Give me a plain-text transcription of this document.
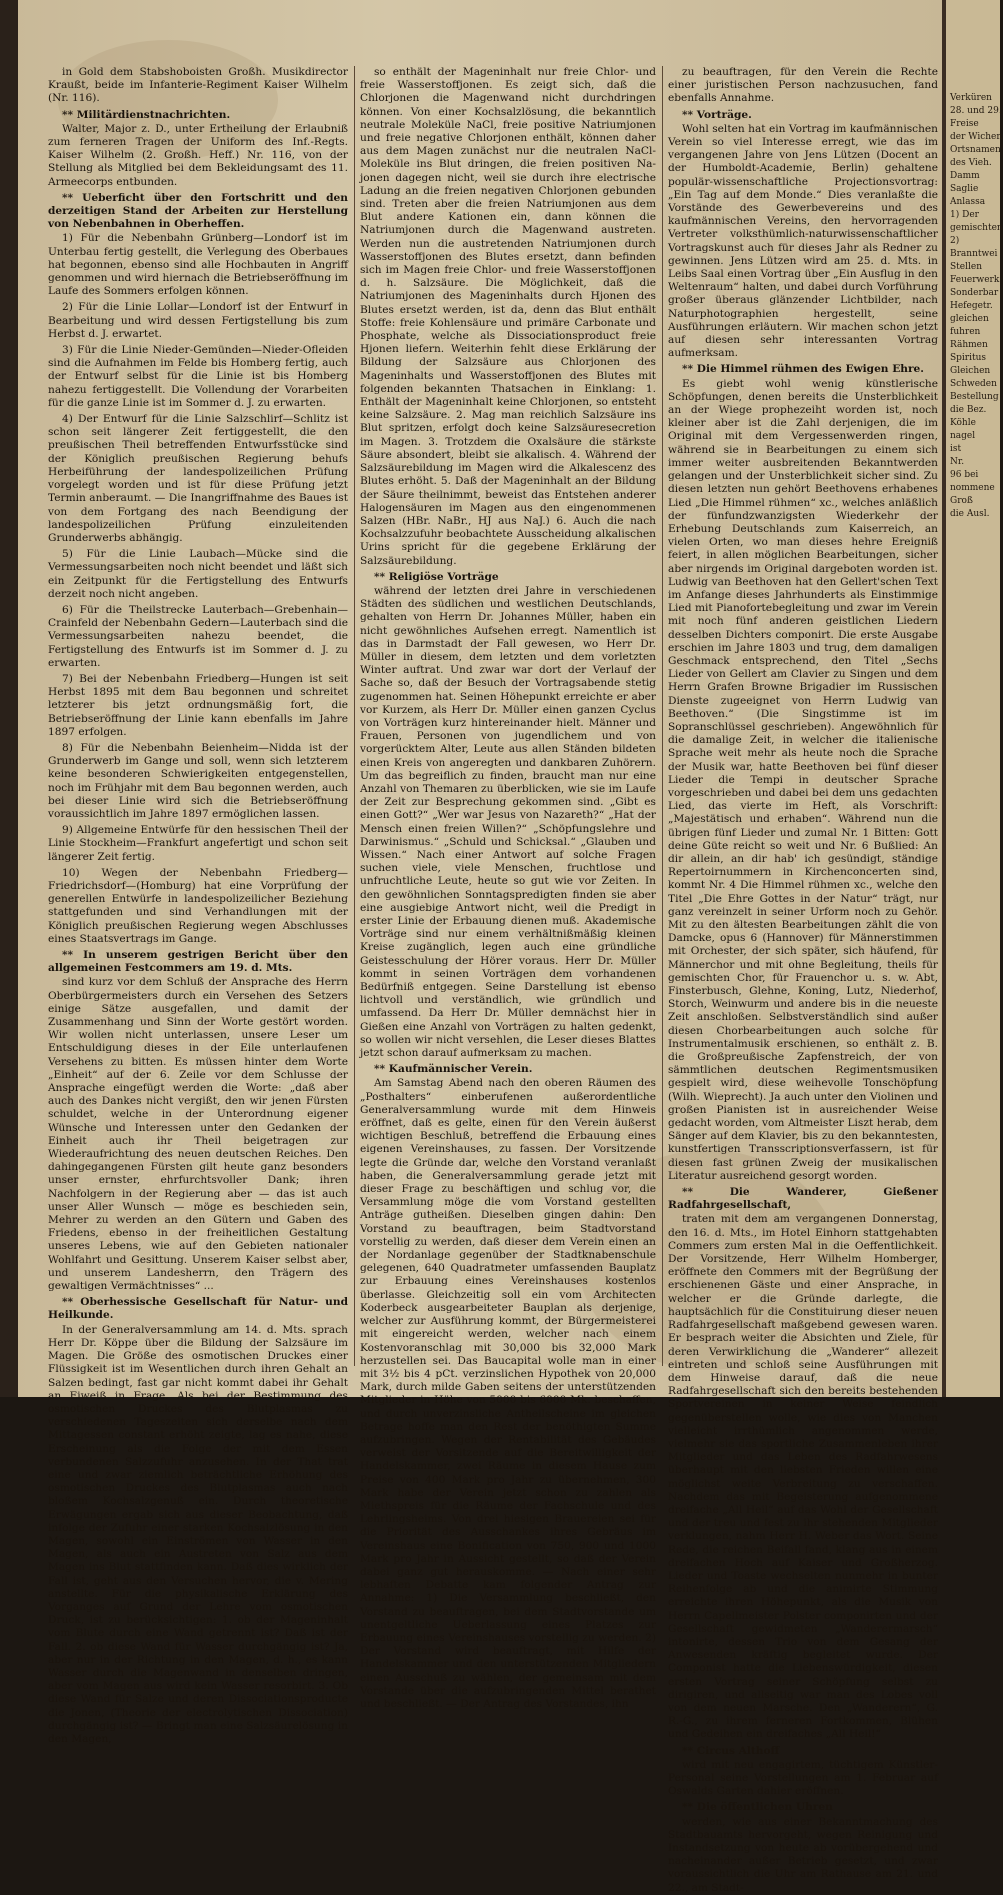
in Gold dem Stabshoboisten Großh. Musikdirector Kraußt, beide im Infanterie-Regiment Kaiser Wilhelm (Nr. 116).

** Militärdienstnachrichten.

Walter, Major z. D., unter Ertheilung der Erlaubniß zum ferneren Tragen der Uniform des Inf.-Regts. Kaiser Wilhelm (2. Großh. Heff.) Nr. 116, von der Stellung als Mitglied bei dem Bekleidungsamt des 11. Armeecorps entbunden.

** Ueberficht über den Fortschritt und den derzeitigen Stand der Arbeiten zur Herstellung von Nebenbahnen in Oberheffen.

1) Für die Nebenbahn Grünberg—Londorf ist im Unterbau fertig gestellt, die Verlegung des Oberbaues hat begonnen, ebenso sind alle Hochbauten in Angriff genommen und wird hiernach die Betriebseröffnung im Laufe des Sommers erfolgen können.

2) Für die Linie Lollar—Londorf ist der Entwurf in Bearbeitung und wird dessen Fertigstellung bis zum Herbst d. J. erwartet.

3) Für die Linie Nieder-Gemünden—Nieder-Ofleiden sind die Aufnahmen im Felde bis Homberg fertig, auch der Entwurf selbst für die Linie ist bis Homberg nahezu fertiggestellt. Die Vollendung der Vorarbeiten für die ganze Linie ist im Sommer d. J. zu erwarten.

4) Der Entwurf für die Linie Salzschlirf—Schlitz ist schon seit längerer Zeit fertiggestellt, die den preußischen Theil betreffenden Entwurfsstücke sind der Königlich preußischen Regierung behufs Herbeiführung der landespolizeilichen Prüfung vorgelegt worden und ist für diese Prüfung jetzt Termin anberaumt. — Die Inangriffnahme des Baues ist von dem Fortgang des nach Beendigung der landespolizeilichen Prüfung einzuleitenden Grunderwerbs abhängig.

5) Für die Linie Laubach—Mücke sind die Vermessungsarbeiten noch nicht beendet und läßt sich ein Zeitpunkt für die Fertigstellung des Entwurfs derzeit noch nicht angeben.

6) Für die Theilstrecke Lauterbach—Grebenhain—Crainfeld der Nebenbahn Gedern—Lauterbach sind die Vermessungsarbeiten nahezu beendet, die Fertigstellung des Entwurfs ist im Sommer d. J. zu erwarten.

7) Bei der Nebenbahn Friedberg—Hungen ist seit Herbst 1895 mit dem Bau begonnen und schreitet letzterer bis jetzt ordnungsmäßig fort, die Betriebseröffnung der Linie kann ebenfalls im Jahre 1897 erfolgen.

8) Für die Nebenbahn Beienheim—Nidda ist der Grunderwerb im Gange und soll, wenn sich letzterem keine besonderen Schwierigkeiten entgegenstellen, noch im Frühjahr mit dem Bau begonnen werden, auch bei dieser Linie wird sich die Betriebseröffnung voraussichtlich im Jahre 1897 ermöglichen lassen.

9) Allgemeine Entwürfe für den hessischen Theil der Linie Stockheim—Frankfurt angefertigt und schon seit längerer Zeit fertig.

10) Wegen der Nebenbahn Friedberg—Friedrichsdorf—(Homburg) hat eine Vorprüfung der generellen Entwürfe in landespolizeilicher Beziehung stattgefunden und sind Verhandlungen mit der Königlich preußischen Regierung wegen Abschlusses eines Staatsvertrags im Gange.

** In unserem gestrigen Bericht über den allgemeinen Festcommers am 19. d. Mts.

sind kurz vor dem Schluß der Ansprache des Herrn Oberbürgermeisters durch ein Versehen des Setzers einige Sätze ausgefallen, und damit der Zusammenhang und Sinn der Worte gestört worden. Wir wollen nicht unterlassen, unsere Leser um Entschuldigung dieses in der Eile unterlaufenen Versehens zu bitten. Es müssen hinter dem Worte „Einheit“ auf der 6. Zeile vor dem Schlusse der Ansprache eingefügt werden die Worte: „daß aber auch des Dankes nicht vergißt, den wir jenen Fürsten schuldet, welche in der Unterordnung eigener Wünsche und Interessen unter den Gedanken der Einheit auch ihr Theil beigetragen zur Wiederaufrichtung des neuen deutschen Reiches. Den dahingegangenen Fürsten gilt heute ganz besonders unser ernster, ehrfurchtsvoller Dank; ihren Nachfolgern in der Regierung aber — das ist auch unser Aller Wunsch — möge es beschieden sein, Mehrer zu werden an den Gütern und Gaben des Friedens, ebenso in der freiheitlichen Gestaltung unseres Lebens, wie auf den Gebieten nationaler Wohlfahrt und Gesittung. Unserem Kaiser selbst aber, und unserem Landesherrn, den Trägern des gewaltigen Vermächtnisses“ ...

** Oberhessische Gesellschaft für Natur- und Heilkunde.

In der Generalversammlung am 14. d. Mts. sprach Herr Dr. Köppe über die Bildung der Salzsäure im Magen. Die Größe des osmotischen Druckes einer Flüssigkeit ist im Wesentlichen durch ihren Gehalt an Salzen bedingt, fast gar nicht kommt dabei ihr Gehalt an Eiweiß in Frage. Als bei der Bestimmung des osmotischen Druckes des Blutplasmas zu verschiedenen Tageszeiten sich derselbe nach dem Mittagessen constant erhöht zeigte, lag es nahe, diese Erscheinung als die Folge der mit dem Essen verbundenen Salzzufuhr anzusehen. In der That trat eine und zwar ziemlich beträchtliche Erhöhung des osmotischen Druckes des Blutplasmas auch nach bloßem Kochsalzgenuß ein. Durch theoretische Erwägungen ergab sich aus dieser Beobachtung, daß infolge der Zufuhr einer starken Kochsalzlösung in den Magen, sowohl ein Einströmen von Wasser in den Magen, als auch ein Austreten von Salz aus dem Magen ins Blut stattfinden kann. Daß dies wirklich der Fall ist, geht aus den Versuchen hervor, die v. Mering anstellte. Für die physikalische Erklärung des Vorganges auf Grund der Lehre vom osmotischen Druck, ist zu berücksichtigen: 1. ob der Mageninhalt vom Blute durch eine Wand getrennt ist? Daß ist der Fall. 2. ob diese Wand für Wasser durchgängig ist? Ja, aber nur in der Richtung in den Magen, d. h., es kann Wasser durch die Magenwand in denselben dringen, aber vom Magen aus wird kein Wasser resorbirt. 3. Ob diese Wand für Salze und deren Dissociationsproducte die Jonen, (Theorie der electrolytischen Dissociation) durchgängig ist? — Bringt man eine Salzsäurelösung in den Magen,

so enthält der Mageninhalt nur freie Chlor- und freie Wasserstoffjonen. Es zeigt sich, daß die Chlorjonen die Magenwand nicht durchdringen können. Von einer Kochsalzlösung, die bekanntlich neutrale Moleküle NaCl, freie positive Natriumjonen und freie negative Chlorjonen enthält, können daher aus dem Magen zunächst nur die neutralen NaCl-Moleküle ins Blut dringen, die freien positiven Na-jonen dagegen nicht, weil sie durch ihre electrische Ladung an die freien negativen Chlorjonen gebunden sind. Treten aber die freien Natriumjonen aus dem Blut andere Kationen ein, dann können die Natriumjonen durch die Magenwand austreten. Werden nun die austretenden Natriumjonen durch Wasserstoffjonen des Blutes ersetzt, dann befinden sich im Magen freie Chlor- und freie Wasserstoffjonen d. h. Salzsäure. Die Möglichkeit, daß die Natriumjonen des Mageninhalts durch Hjonen des Blutes ersetzt werden, ist da, denn das Blut enthält Stoffe: freie Kohlensäure und primäre Carbonate und Phosphate, welche als Dissociationsproduct freie Hjonen liefern. Weiterhin fehlt diese Erklärung der Bildung der Salzsäure aus Chlorjonen des Mageninhalts und Wasserstoffjonen des Blutes mit folgenden bekannten Thatsachen in Einklang: 1. Enthält der Mageninhalt keine Chlorjonen, so entsteht keine Salzsäure. 2. Mag man reichlich Salzsäure ins Blut spritzen, erfolgt doch keine Salzsäuresecretion im Magen. 3. Trotzdem die Oxalsäure die stärkste Säure absondert, bleibt sie alkalisch. 4. Während der Salzsäurebildung im Magen wird die Alkalescenz des Blutes erhöht. 5. Daß der Mageninhalt an der Bildung der Säure theilnimmt, beweist das Entstehen anderer Halogensäuren im Magen aus den eingenommenen Salzen (HBr. NaBr., HJ aus NaJ.) 6. Auch die nach Kochsalzzufuhr beobachtete Ausscheidung alkalischen Urins spricht für die gegebene Erklärung der Salzsäurebildung.

** Religiöse Vorträge

während der letzten drei Jahre in verschiedenen Städten des südlichen und westlichen Deutschlands, gehalten von Herrn Dr. Johannes Müller, haben ein nicht gewöhnliches Aufsehen erregt. Namentlich ist das in Darmstadt der Fall gewesen, wo Herr Dr. Müller in diesem, dem letzten und dem vorletzten Winter auftrat. Und zwar war dort der Verlauf der Sache so, daß der Besuch der Vortragsabende stetig zugenommen hat. Seinen Höhepunkt erreichte er aber vor Kurzem, als Herr Dr. Müller einen ganzen Cyclus von Vorträgen kurz hintereinander hielt. Männer und Frauen, Personen von jugendlichem und von vorgerücktem Alter, Leute aus allen Ständen bildeten einen Kreis von angeregten und dankbaren Zuhörern. Um das begreiflich zu finden, braucht man nur eine Anzahl von Themaren zu überblicken, wie sie im Laufe der Zeit zur Besprechung gekommen sind. „Gibt es einen Gott?“ „Wer war Jesus von Nazareth?“ „Hat der Mensch einen freien Willen?“ „Schöpfungslehre und Darwinismus.“ „Schuld und Schicksal.“ „Glauben und Wissen.“ Nach einer Antwort auf solche Fragen suchen viele, viele Menschen, fruchtlose und unfruchtliche Leute, heute so gut wie vor Zeiten. In den gewöhnlichen Sonntagspredigten finden sie aber eine ausgiebige Antwort nicht, weil die Predigt in erster Linie der Erbauung dienen muß. Akademische Vorträge sind nur einem verhältnißmäßig kleinen Kreise zugänglich, legen auch eine gründliche Geistesschulung der Hörer voraus. Herr Dr. Müller kommt in seinen Vorträgen dem vorhandenen Bedürfniß entgegen. Seine Darstellung ist ebenso lichtvoll und verständlich, wie gründlich und umfassend. Da Herr Dr. Müller demnächst hier in Gießen eine Anzahl von Vorträgen zu halten gedenkt, so wollen wir nicht versehlen, die Leser dieses Blattes jetzt schon darauf aufmerksam zu machen.

** Kaufmännischer Verein.

Am Samstag Abend nach den oberen Räumen des „Posthalters“ einberufenen außerordentliche Generalversammlung wurde mit dem Hinweis eröffnet, daß es gelte, einen für den Verein äußerst wichtigen Beschluß, betreffend die Erbauung eines eigenen Vereinshauses, zu fassen. Der Vorsitzende legte die Gründe dar, welche den Vorstand veranlaßt haben, die Generalversammlung gerade jetzt mit dieser Frage zu beschäftigen und schlug vor, die Versammlung möge die vom Vorstand gestellten Anträge gutheißen. Dieselben gingen dahin: Den Vorstand zu beauftragen, beim Stadtvorstand vorstellig zu werden, daß dieser dem Verein einen an der Nordanlage gegenüber der Stadtknabenschule gelegenen, 640 Quadratmeter umfassenden Bauplatz zur Erbauung eines Vereinshauses kostenlos überlasse. Gleichzeitig soll ein vom Architecten Koderbeck ausgearbeiteter Bauplan als derjenige, welcher zur Ausführung kommt, der Bürgermeisterei mit eingereicht werden, welcher nach einem Kostenvoranschlag mit 30,000 bis 32,000 Mark herzustellen sei. Das Baucapital wolle man in einer mit 3½ bis 4 pCt. verzinslichen Hypothek von 20,000 Mark, durch milde Gaben seitens der unterstützenden Mitglieder in Höhe von 5000 bis 6000 Mk. beschaffen, und durch unverzinsliche Antheilscheine im gleichen Betrage hoffe man den Rest der benöthigten Summe aufzubringen. Wegen der Rentabilität des Gebäudes verweist der Vorsitzende auf die Bereitwilligkeit der Handelskammer, zwei Räume in diesem Hause zum Preise von 400 Mark pro Jahr zu übernehmen, 300 Mark habe der Verein jetzt schon zu zahlen als Miethspreis für die Räume der Fachschule und des Lehrlingsheims. Von drei hiesigen Brauereien sei für die Priorität des Ausschankes ihres Gebräus im Vereinshaus eine Bonification von 750, 900 und 1000 Mark pro Jahr in Aussicht gestellt, so daß der Verein dabei ganz gut herauskomme. — Nach einer sehr lebhaften Debatte kam folgender Antrag zur Annahme: 1) Die Versammlung beschließt, den Vorstand zu beauftragen, bei dem Stadtvorstande um unentgeltliche Ueberlassung eines Platzes zur Erbauung eines Vereinshauses vorstellig zu werden. 2) Der Vorstand wird beauftragt, mit Hilfe der Handelskammer und den unterstützenden Mitgliedern einen Ausschuß zu wählen, der gemeinsam mit dem Vorstande über die aufzubringenden Mittel berathet und beschließt. — Der Antrag des Vorstandes, ihn

zu beauftragen, für den Verein die Rechte einer juristischen Person nachzusuchen, fand ebenfalls Annahme.

** Vorträge.

Wohl selten hat ein Vortrag im kaufmännischen Verein so viel Interesse erregt, wie das im vergangenen Jahre von Jens Lützen (Docent an der Humboldt-Academie, Berlin) gehaltene populär-wissenschaftliche Projectionsvortrag: „Ein Tag auf dem Monde.“ Dies veranlaßte die Vorstände des Gewerbevereins und des kaufmännischen Vereins, den hervorragenden Vertreter volksthümlich-naturwissenschaftlicher Vortragskunst auch für dieses Jahr als Redner zu gewinnen. Jens Lützen wird am 25. d. Mts. in Leibs Saal einen Vortrag über „Ein Ausflug in den Weltenraum“ halten, und dabei durch Vorführung großer überaus glänzender Lichtbilder, nach Naturphotographien hergestellt, seine Ausführungen erläutern. Wir machen schon jetzt auf diesen sehr interessanten Vortrag aufmerksam.

** Die Himmel rühmen des Ewigen Ehre.

Es giebt wohl wenig künstlerische Schöpfungen, denen bereits die Unsterblichkeit an der Wiege prophezeiht worden ist, noch kleiner aber ist die Zahl derjenigen, die im Original mit dem Vergessenwerden ringen, während sie in Bearbeitungen zu einem sich immer weiter ausbreitenden Bekanntwerden gelangen und der Unsterblichkeit sicher sind. Zu diesen letzten nun gehört Beethovens erhabenes Lied „Die Himmel rühmen“ xc., welches anläßlich der fünfundzwanzigsten Wiederkehr der Erhebung Deutschlands zum Kaiserreich, an vielen Orten, wo man dieses hehre Ereigniß feiert, in allen möglichen Bearbeitungen, sicher aber nirgends im Original dargeboten worden ist. Ludwig van Beethoven hat den Gellert'schen Text im Anfange dieses Jahrhunderts als Einstimmige Lied mit Pianofortebegleitung und zwar im Verein mit noch fünf anderen geistlichen Liedern desselben Dichters componirt. Die erste Ausgabe erschien im Jahre 1803 und trug, dem damaligen Geschmack entsprechend, den Titel „Sechs Lieder von Gellert am Clavier zu Singen und dem Herrn Grafen Browne Brigadier im Russischen Dienste zugeeignet von Herrn Ludwig van Beethoven.“ (Die Singstimme ist im Sopranschlüssel geschrieben). Angewöhnlich für die damalige Zeit, in welcher die italienische Sprache weit mehr als heute noch die Sprache der Musik war, hatte Beethoven bei fünf dieser Lieder die Tempi in deutscher Sprache vorgeschrieben und dabei bei dem uns gedachten Lied, das vierte im Heft, als Vorschrift: „Majestätisch und erhaben“. Während nun die übrigen fünf Lieder und zumal Nr. 1 Bitten: Gott deine Güte reicht so weit und Nr. 6 Bußlied: An dir allein, an dir hab' ich gesündigt, ständige Repertoirnummern in Kirchenconcerten sind, kommt Nr. 4 Die Himmel rühmen xc., welche den Titel „Die Ehre Gottes in der Natur“ trägt, nur ganz vereinzelt in seiner Urform noch zu Gehör. Mit zu den ältesten Bearbeitungen zählt die von Damcke, opus 6 (Hannover) für Männerstimmen mit Orchester, der sich später, sich häufend, für Männerchor und mit ohne Begleitung, theils für gemischten Chor, für Frauenchor u. s. w. Abt, Finsterbusch, Glehne, Koning, Lutz, Niederhof, Storch, Weinwurm und andere bis in die neueste Zeit anschloßen. Selbstverständlich sind außer diesen Chorbearbeitungen auch solche für Instrumentalmusik erschienen, so enthält z. B. die Großpreußische Zapfenstreich, der von sämmtlichen deutschen Regimentsmusiken gespielt wird, diese weihevolle Tonschöpfung (Wilh. Wieprecht). Ja auch unter den Violinen und großen Pianisten ist in ausreichender Weise gedacht worden, vom Altmeister Liszt herab, dem Sänger auf dem Klavier, bis zu den bekanntesten, kunstfertigen Transscriptionsverfassern, ist für diesen fast grünen Zweig der musikalischen Literatur ausreichend gesorgt worden.

** Die Wanderer, Gießener Radfahrgesellschaft,

traten mit dem am vergangenen Donnerstag, den 16. d. Mts., im Hotel Einhorn stattgehabten Commers zum ersten Mal in die Oeffentlichkeit. Der Vorsitzende, Herr Wilhelm Homberger, eröffnete den Commers mit der Begrüßung der erschienenen Gäste und einer Ansprache, in welcher er die Gründe darlegte, die hauptsächlich für die Constituirung dieser neuen Radfahrgesellschaft maßgebend gewesen waren. Er besprach weiter die Absichten und Ziele, für deren Verwirklichung die „Wanderer“ allezeit eintreten und schloß seine Ausführungen mit dem Hinweise darauf, daß die neue Radfahrgesellschaft sich den bereits bestehenden Sportvereinen in keiner Weise feindlich gegenüberstellen wolle, wie dies von Manchen vielleicht irrthümlich angenommen werde, vielmehr sie das sportliche Zusammenleben ihrer Mitglieder und das Leben des Radfahrwesens überhaupt mit den liebsten Frieden willen eine möglichst weite Verbreitung zu verschaffen. Nachdem das mit Begeisterung aufgenommene dreifache „All Heil“ auf das Wohl der Gesellschaft und der treu und fest zu ihr stehenden Mitglieder verklungen, nahm Herr H. Weber das Wort. Seine Rede, die reichen Beifall fand, klang aus in einem dreifachen Hoch auf Kaiser und Großherzog. Lieder und Toaste wechselten nunmehr in bunter Reihenfolge ab und die animirte Stimmung erreichte ihren Höhepunkt, als die Musik von Herrn Capellmeister Polster componirten und der Gesellschaft gewidmeten „Wanderermarsch“ intonirte, dessen Trio von dem Gesang der Anwesenden kräftig begleitet wurde. Der Componist hatte die Liebenswürdigkeit, diesen ersten Vortrag seiner Schöpfung selbst zu dirigiren, und allseitig war man des Lobes voll von dem neuen Marsche. Den „Wanderern“, G. R.-G., zu ihrem ferneren Fortkommen, Blühen und Gedeihen ein dreifaches „All Heil!“

** Circus Althoff

wird mit neu engagirtem, tüchtigem Künstler-Personal seine Vorstellungen am 1. Februar auf Oswalds Garten dahier eröffnen.

** Die öffentlichen Uhren

werden, wie aus einer Bekanntmachung des Stadtbauamts hervorgeht, wegen Reinigung und Instandsetzung von heute ab vorübergehend und nacheinander außer Betrieb gesetzt, und zwar voraussichtlich die Uhr am Rathause am 21. und 22., am Stadt-

Verküren
28. und 29.
Freise
der Wichen
Ortsnamen
des Vieh.
Damm
Saglie
Anlassa
1) Der
gemischten
2)
Branntwei
Stellen
Feuerwerk
Sonderbar
Hefegetr.
gleichen
fuhren
Rähmen
Spiritus
Gleichen
Schweden
Bestellung
die Bez.
Köhle
nagel
ist
Nr.
96 bei
nommene
Groß
die Ausl.
